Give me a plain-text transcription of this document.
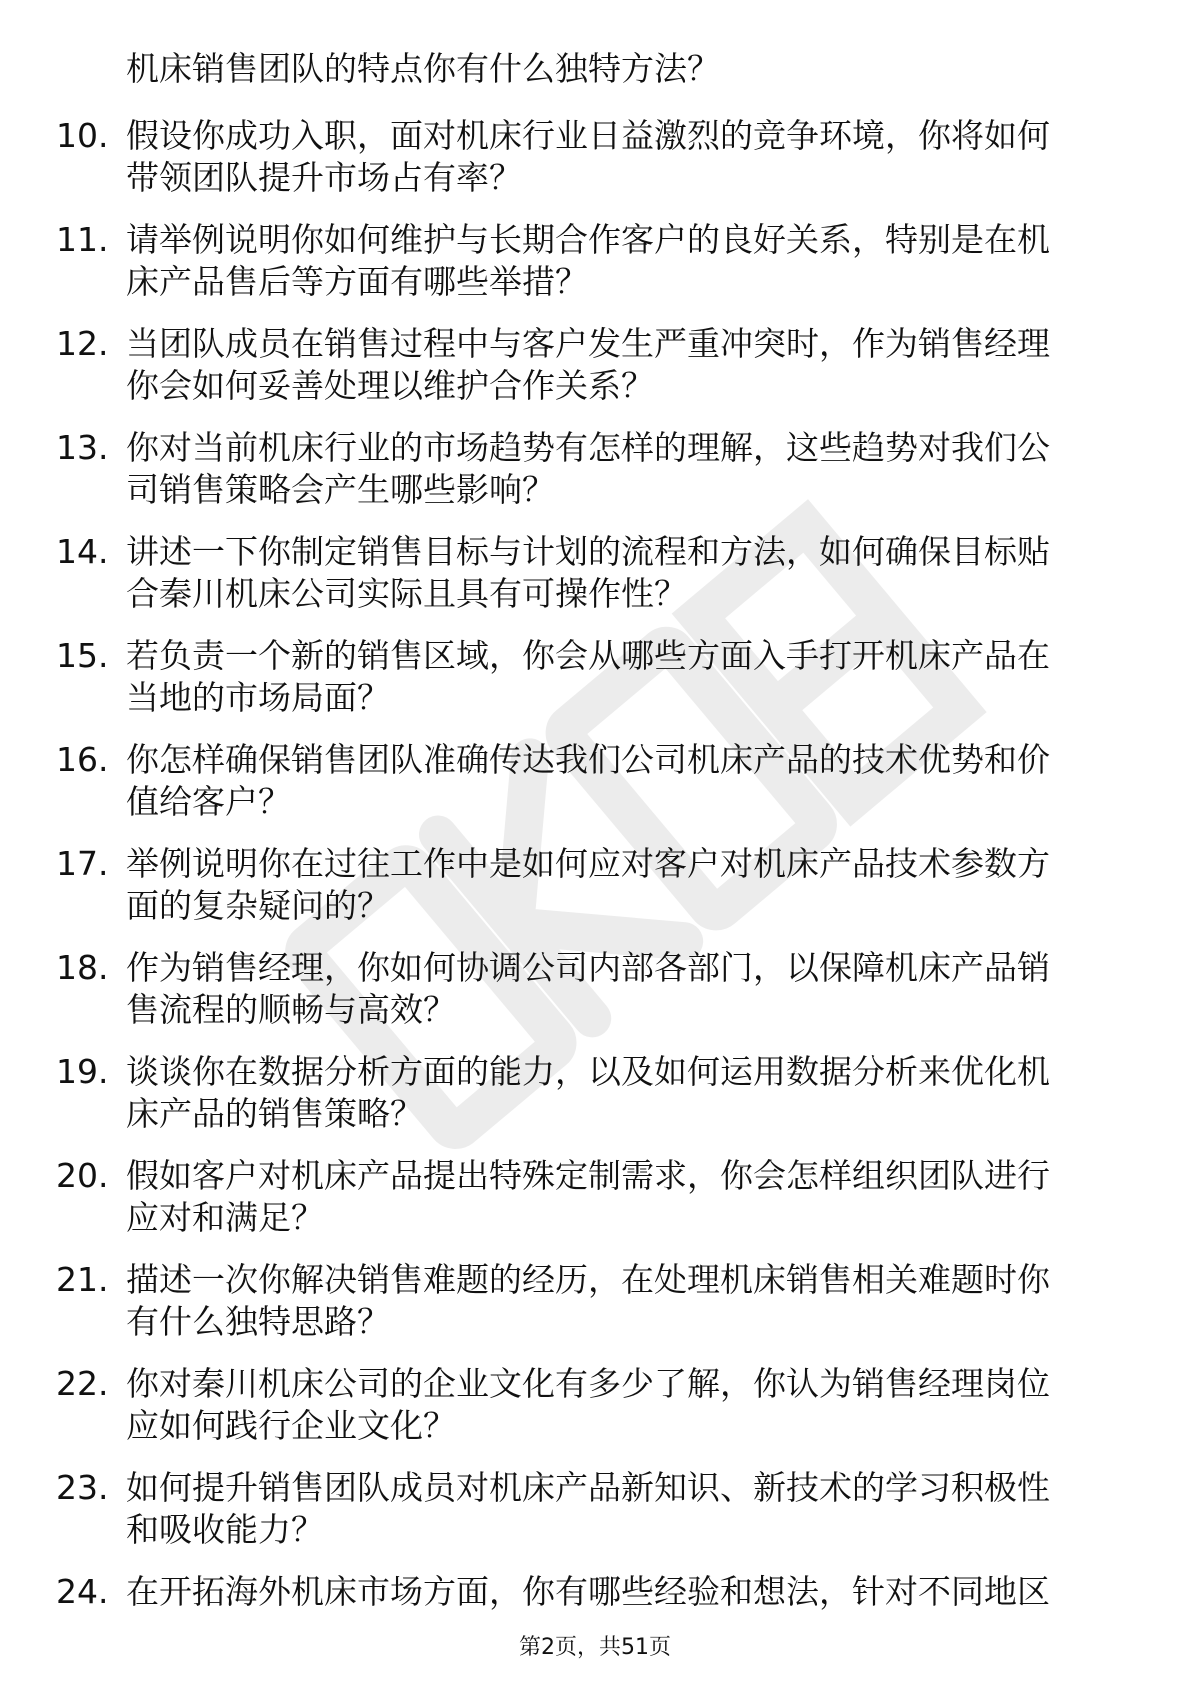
机床销售团队的特点你有什么独特方法？
10. 假设你成功入职，面对机床行业日益激烈的竞争环境，你将如何
带领团队提升市场占有率？
11. 请举例说明你如何维护与长期合作客户的良好关系，特别是在机
床产品售后等方面有哪些举措？
12. 当团队成员在销售过程中与客户发生严重冲突时，作为销售经理
你会如何妥善处理以维护合作关系？
13. 你对当前机床行业的市场趋势有怎样的理解，这些趋势对我们公
司销售策略会产生哪些影响？
14. 讲述一下你制定销售目标与计划的流程和方法，如何确保目标贴
合秦川机床公司实际且具有可操作性？
15. 若负责一个新的销售区域，你会从哪些方面入手打开机床产品在
当地的市场局面？
16. 你怎样确保销售团队准确传达我们公司机床产品的技术优势和价
值给客户？
17. 举例说明你在过往工作中是如何应对客户对机床产品技术参数方
面的复杂疑问的？
18. 作为销售经理，你如何协调公司内部各部门，以保障机床产品销
售流程的顺畅与高效？
19. 谈谈你在数据分析方面的能力，以及如何运用数据分析来优化机
床产品的销售策略？
20. 假如客户对机床产品提出特殊定制需求，你会怎样组织团队进行
应对和满足？
21. 描述一次你解决销售难题的经历，在处理机床销售相关难题时你
有什么独特思路？
22. 你对秦川机床公司的企业文化有多少了解，你认为销售经理岗位
应如何践行企业文化？
23. 如何提升销售团队成员对机床产品新知识、新技术的学习积极性
和吸收能力？
24. 在开拓海外机床市场方面，你有哪些经验和想法，针对不同地区
第2页，共51页
